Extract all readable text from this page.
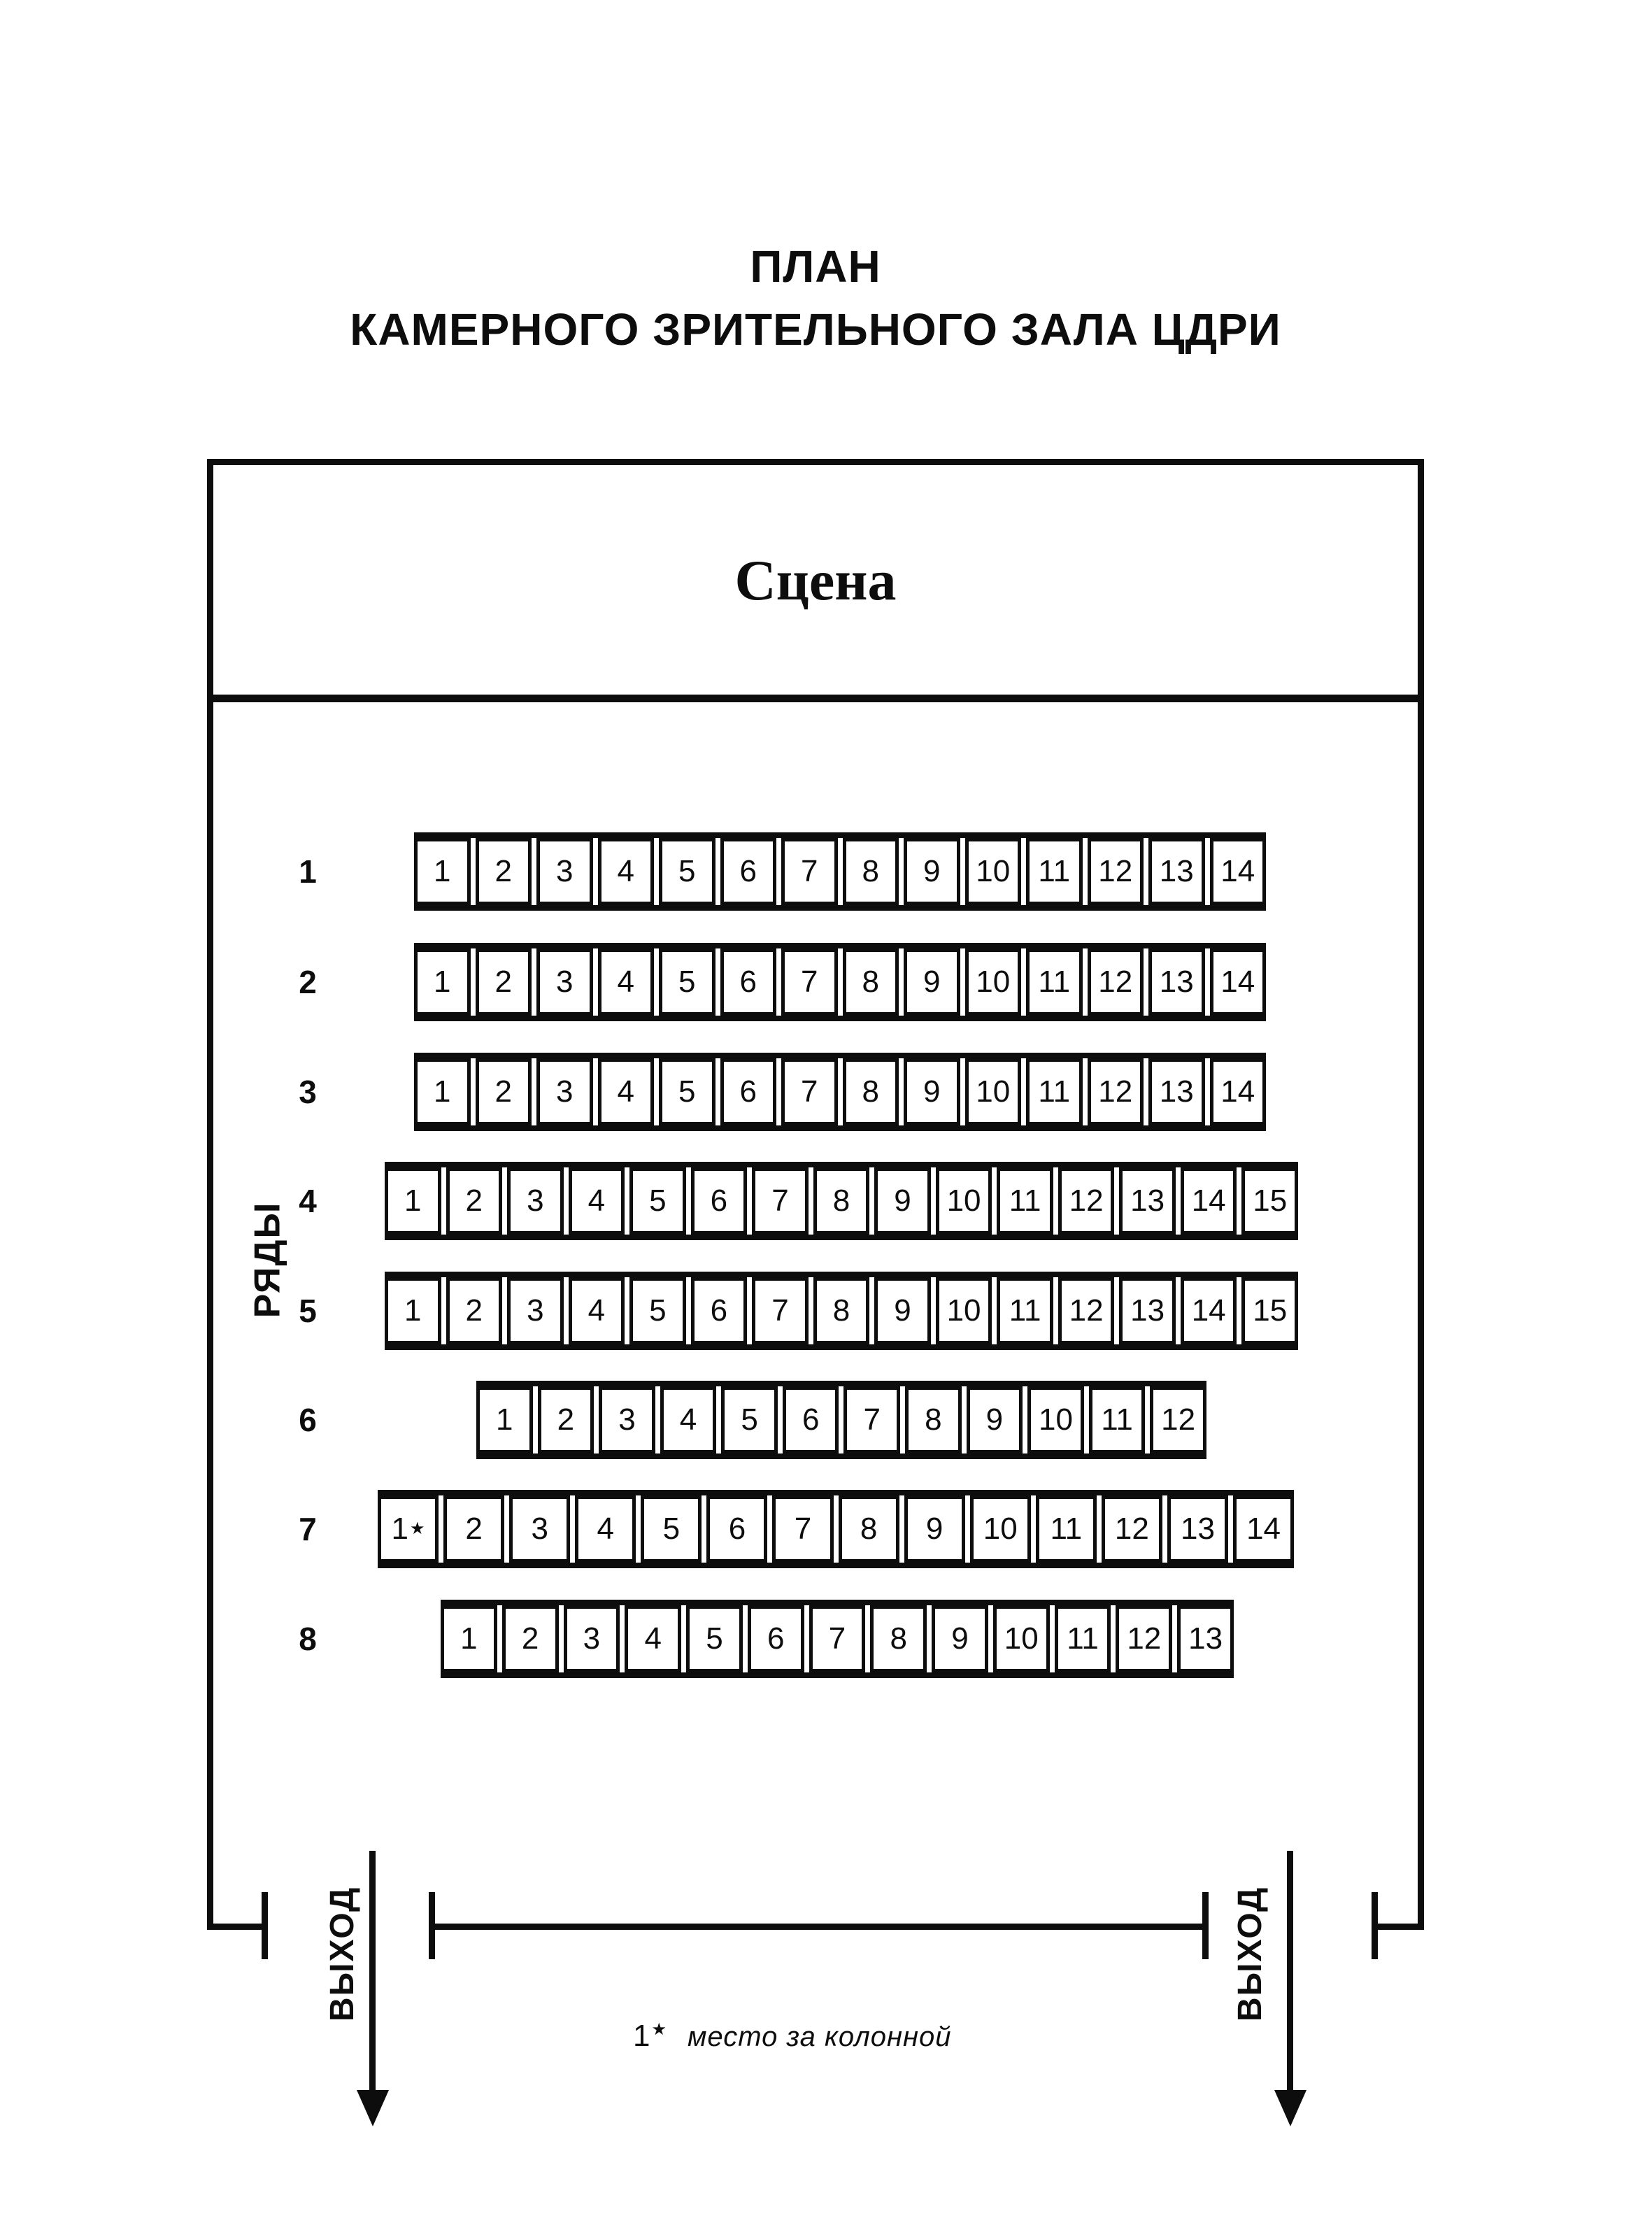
ПЛАН
КАМЕРНОГО ЗРИТЕЛЬНОГО ЗАЛА ЦДРИ
Сцена
РЯДЫ
1	1	2	3	4	5	6	7	8	9	10 11 12 13 14
2	1	2	3	4	5	6	7	8	9	10 11 12 13 14
3	1	2	3	4	5	6	7	8	9	10 11 12 13 14
4	1	2	3	4	5	6	7	8	9	10 11 12 13 14 15
5	1	2	3	4	5	6	7	8	9	10 11 12 13 14 15
6	1	2	3	4	5	6	7	8	9	10 11 12
7	1 ★	2	3	4	5	6	7	8	9	10	11	12	13	14
8	1	2	3	4	5	6	7	8	9	10 11 12 13
ВЫХОД	ВЫХОД
1★ место за колонной
